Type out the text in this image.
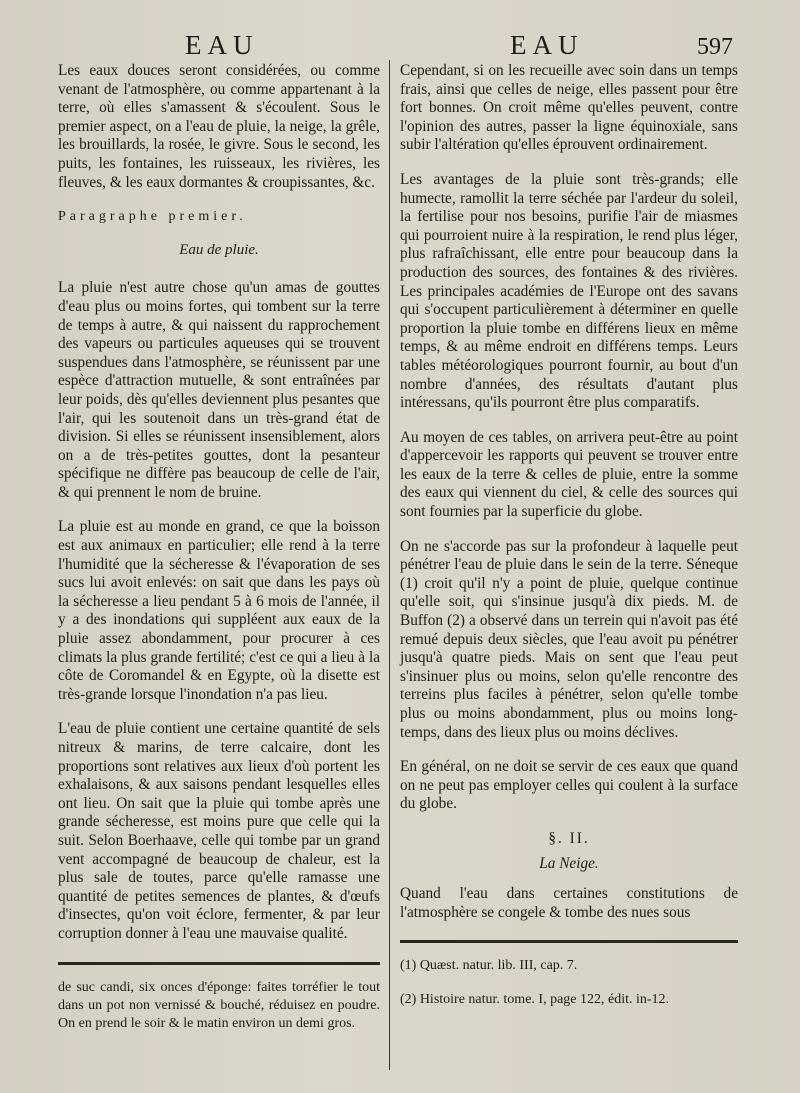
EAU	EAU	597

Les eaux douces seront considérées, ou comme venant de l'atmosphère, ou comme appartenant à la terre, où elles s'amassent & s'écoulent. Sous le premier aspect, on a l'eau de pluie, la neige, la grêle, les brouillards, la rosée, le givre. Sous le second, les puits, les fontaines, les ruisseaux, les rivières, les fleuves, & les eaux dormantes & croupissantes, &c.

Paragraphe premier.
Eau de pluie.

La pluie n'est autre chose qu'un amas de gouttes d'eau plus ou moins fortes, qui tombent sur la terre de temps à autre, & qui naissent du rapprochement des vapeurs ou particules aqueuses qui se trouvent suspendues dans l'atmosphère, se réunissent par une espèce d'attraction mutuelle, & sont entraînées par leur poids, dès qu'elles deviennent plus pesantes que l'air, qui les soutenoit dans un très-grand état de division. Si elles se réunissent insensiblement, alors on a de très-petites gouttes, dont la pesanteur spécifique ne diffère pas beaucoup de celle de l'air, & qui prennent le nom de bruine.

La pluie est au monde en grand, ce que la boisson est aux animaux en particulier; elle rend à la terre l'humidité que la sécheresse & l'évaporation de ses sucs lui avoit enlevés: on sait que dans les pays où la sécheresse a lieu pendant 5 à 6 mois de l'année, il y a des inondations qui suppléent aux eaux de la pluie assez abondamment, pour procurer à ces climats la plus grande fertilité; c'est ce qui a lieu à la côte de Coromandel & en Egypte, où la disette est très-grande lorsque l'inondation n'a pas lieu.

L'eau de pluie contient une certaine quantité de sels nitreux & marins, de terre calcaire, dont les proportions sont relatives aux lieux d'où portent les exhalaisons, & aux saisons pendant lesquelles elles ont lieu. On sait que la pluie qui tombe après une grande sécheresse, est moins pure que celle qui la suit. Selon Boerhaave, celle qui tombe par un grand vent accompagné de beaucoup de chaleur, est la plus sale de toutes, parce qu'elle ramasse une quantité de petites semences de plantes, & d'œufs d'insectes, qu'on voit éclore, fermenter, & par leur corruption donner à l'eau une mauvaise qualité.

de suc candi, six onces d'éponge: faites torréfier le tout dans un pot non vernissé & bouché, réduisez en poudre. On en prend le soir & le matin environ un demi gros.

Cependant, si on les recueille avec soin dans un temps frais, ainsi que celles de neige, elles passent pour être fort bonnes. On croit même qu'elles peuvent, contre l'opinion des autres, passer la ligne équinoxiale, sans subir l'altération qu'elles éprouvent ordinairement.

Les avantages de la pluie sont très-grands; elle humecte, ramollit la terre séchée par l'ardeur du soleil, la fertilise pour nos besoins, purifie l'air de miasmes qui pourroient nuire à la respiration, le rend plus léger, plus rafraîchissant, elle entre pour beaucoup dans la production des sources, des fontaines & des rivières. Les principales académies de l'Europe ont des savans qui s'occupent particulièrement à déterminer en quelle proportion la pluie tombe en différens lieux en même temps, & au même endroit en différens temps. Leurs tables météorologiques pourront fournir, au bout d'un nombre d'années, des résultats d'autant plus intéressans, qu'ils pourront être plus comparatifs.

Au moyen de ces tables, on arrivera peut-être au point d'appercevoir les rapports qui peuvent se trouver entre les eaux de la terre & celles de pluie, entre la somme des eaux qui viennent du ciel, & celle des sources qui sont fournies par la superficie du globe.

On ne s'accorde pas sur la profondeur à laquelle peut pénétrer l'eau de pluie dans le sein de la terre. Séneque (1) croit qu'il n'y a point de pluie, quelque continue qu'elle soit, qui s'insinue jusqu'à dix pieds. M. de Buffon (2) a observé dans un terrein qui n'avoit pas été remué depuis deux siècles, que l'eau avoit pu pénétrer jusqu'à quatre pieds. Mais on sent que l'eau peut s'insinuer plus ou moins, selon qu'elle rencontre des terreins plus faciles à pénétrer, selon qu'elle tombe plus ou moins abondamment, plus ou moins long-temps, dans des lieux plus ou moins déclives.

En général, on ne doit se servir de ces eaux que quand on ne peut pas employer celles qui coulent à la surface du globe.

§. II.
La Neige.

Quand l'eau dans certaines constitutions de l'atmosphère se congele & tombe des nues sous

(1) Quæst. natur. lib. III, cap. 7.

(2) Histoire natur. tome. I, page 122, édit. in-12.
